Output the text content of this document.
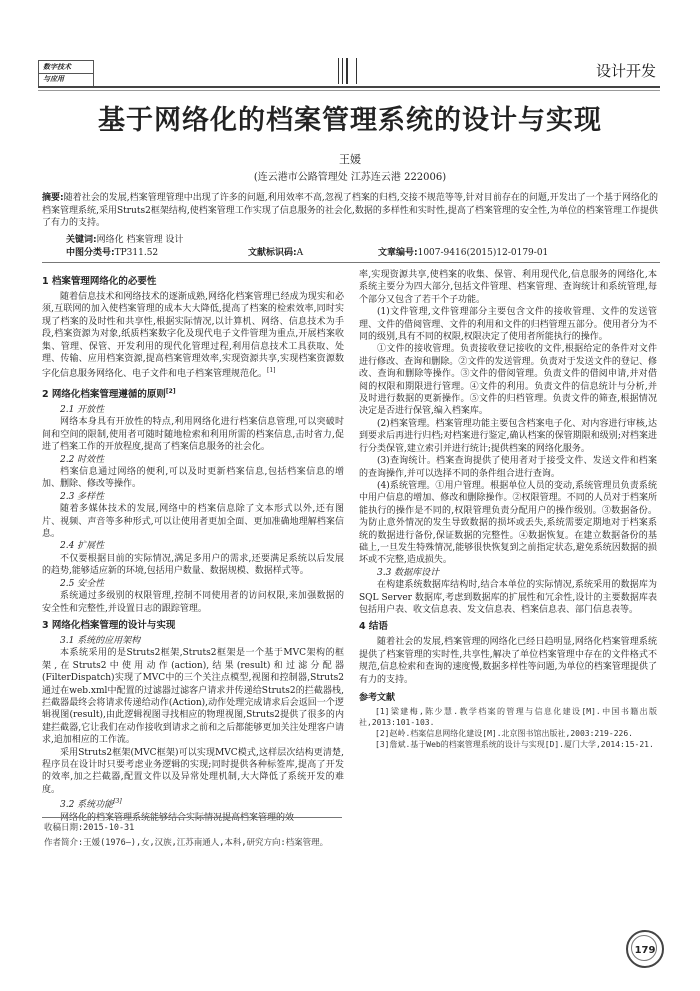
数字技术
与应用	设计开发
基于网络化的档案管理系统的设计与实现
王媛
(连云港市公路管理处 江苏连云港 222006)
摘要:随着社会的发展,档案管理管理中出现了许多的问题,利用效率不高,忽视了档案的归档,交接不规范等等,针对目前存在的问题,开发出了一个基于网络化的档案管理系统,采用Struts2框架结构,使档案管理工作实现了信息服务的社会化,数据的多样性和实时性,提高了档案管理的安全性,为单位的档案管理工作提供了有力的支持。
关键词:网络化 档案管理 设计
中图分类号:TP311.52	文献标识码:A	文章编号:1007-9416(2015)12-0179-01
1 档案管理网络化的必要性

随着信息技术和网络技术的逐渐成熟,网络化档案管理已经成为现实和必须,互联网的加入使档案管理的成本大大降低,提高了档案的检索效率,同时实现了档案的及时性和共享性,根据实际情况,以计算机、网络、信息技术为手段,档案资源为对象,纸质档案数字化及现代电子文件管理为重点,开展档案收集、管理、保管、开发利用的现代化管理过程,利用信息技术工具获取、处理、传输、应用档案资源,提高档案管理效率,实现资源共享,实现档案资源数字化信息服务网络化、电子文件和电子档案管理规范化。[1]

2 网络化档案管理遵循的原则[2]
2.1 开放性

网络本身具有开放性的特点,利用网络化进行档案信息管理,可以突破时间和空间的限制,使用者可随时随地检索和利用所需的档案信息,击时省力,促进了档案工作的开放程度,提高了档案信息服务的社会化。

2.2 时效性

档案信息通过网络的便利,可以及时更新档案信息,包括档案信息的增加、删除、修改等操作。

2.3 多样性

随着多媒体技术的发展,网络中的档案信息除了文本形式以外,还有图片、视频、声音等多种形式,可以让使用者更加全面、更加准确地理解档案信息。

2.4 扩展性

不仅要根据目前的实际情况,满足多用户的需求,还要满足系统以后发展的趋势,能够适应新的环境,包括用户数量、数据规模、数据样式等。

2.5 安全性

系统通过多级别的权限管理,控制不同使用者的访问权限,来加强数据的安全性和完整性,并设置日志的跟踪管理。

3 网络化档案管理的设计与实现
3.1 系统的应用架构

本系统采用的是Struts2框架,Struts2框架是一个基于MVC架构的框架,在Struts2中使用动作(action),结果(result)和过滤分配器(FilterDispatch)实现了MVC中的三个关注点模型,视图和控制器,Struts2通过在web.xml中配置的过滤器过滤客户请求并传递给Struts2的拦截器栈,拦截器最终会将请求传递给动作(Action),动作处理完成请求后会返回一个逻辑视图(result),由此逻辑视图寻找相应的物理视图,Struts2提供了很多的内建拦截器,它让我们在动作接收到请求之前和之后都能够更加关注处理客户请求,追加相应的工作流。

采用Struts2框架(MVC框架)可以实现MVC模式,这样层次结构更清楚,程序员在设计时只要考虑业务逻辑的实现;同时提供各种标签库,提高了开发的效率,加之拦截器,配置文件以及异常处理机制,大大降低了系统开发的难度。

3.2 系统功能[3]

网络化的档案管理系统能够结合实际情况提高档案管理的效

率,实现资源共享,使档案的收集、保管、利用现代化,信息服务的网络化,本系统主要分为四大部分,包括文件管理、档案管理、查询统计和系统管理,每个部分又包含了若干个子功能。

(1)文件管理,文件管理部分主要包含文件的接收管理、文件的发送管理、文件的借阅管理、文件的利用和文件的归档管理五部分。使用者分为不同的级别,具有不同的权限,权限决定了使用者所能执行的操作。

①文件的接收管理。负责接收登记接收的文件,根据给定的条件对文件进行修改、查询和删除。②文件的发送管理。负责对于发送文件的登记、修改、查询和删除等操作。③文件的借阅管理。负责文件的借阅申请,并对借阅的权限和期限进行管理。④文件的利用。负责文件的信息统计与分析,并及时进行数据的更新操作。⑤文件的归档管理。负责文件的筛查,根据情况决定是否进行保管,编入档案库。

(2)档案管理。档案管理功能主要包含档案电子化、对内容进行审核,达到要求后再进行归档;对档案进行鉴定,确认档案的保管期限和级别;对档案进行分类保管,建立索引并进行统计;提供档案的网络化服务。

(3)查询统计。档案查询提供了使用者对于接受文件、发送文件和档案的查询操作,并可以选择不同的条件组合进行查询。

(4)系统管理。①用户管理。根据单位人员的变动,系统管理员负责系统中用户信息的增加、修改和删除操作。②权限管理。不同的人员对于档案所能执行的操作是不同的,权限管理负责分配用户的操作级别。③数据备份。为防止意外情况的发生导致数据的损坏或丢失,系统需要定期地对于档案系统的数据进行备份,保证数据的完整性。④数据恢复。在建立数据备份的基础上,一旦发生特殊情况,能够很快恢复到之前指定状态,避免系统因数据的损坏或不完整,造成损失。

3.3 数据库设计

在构建系统数据库结构时,结合本单位的实际情况,系统采用的数据库为SQL Server 数据库,考虑到数据库的扩展性和冗余性,设计的主要数据库表包括用户表、收文信息表、发文信息表、档案信息表、部门信息表等。

4 结语

随着社会的发展,档案管理的网络化已经日趋明显,网络化档案管理系统提供了档案管理的实时性,共享性,解决了单位档案管理中存在的文件格式不规范,信息检索和查询的速度慢,数据多样性等问题,为单位的档案管理提供了有力的支持。

参考文献

[1]梁建梅,陈少慧.教学档案的管理与信息化建设[M].中国书籍出版社,2013:101-103.

[2]赵岭.档案信息网络化建设[M].北京图书馆出版社,2003:219-226.

[3]詹斌.基于Web的档案管理系统的设计与实现[D].厦门大学,2014:15-21.

收稿日期:2015-10-31
作者简介:王媛(1976—),女,汉族,江苏南通人,本科,研究方向:档案管理。
179
